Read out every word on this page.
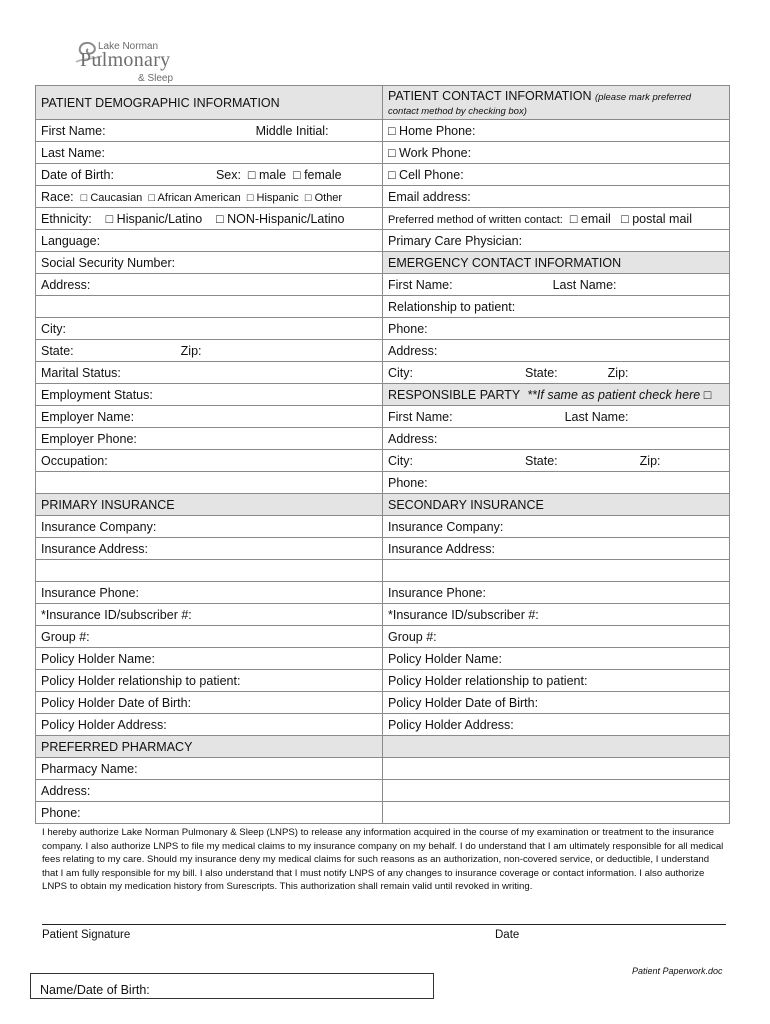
Lake Norman
Pulmonary
& Sleep
PATIENT DEMOGRAPHIC INFORMATION	PATIENT CONTACT INFORMATION (please mark preferred contact method by checking box)
First Name: Middle Initial:	□ Home Phone:
Last Name:	□ Work Phone:
Date of Birth: Sex: □ male □ female	□ Cell Phone:
Race: □ Caucasian □ African American □ Hispanic □ Other	Email address:
Ethnicity: □ Hispanic/Latino □ NON-Hispanic/Latino	Preferred method of written contact: □ email □ postal mail
Language:	Primary Care Physician:
Social Security Number:	EMERGENCY CONTACT INFORMATION
Address:	First Name: Last Name:
	Relationship to patient:
City:	Phone:
State: Zip:	Address:
Marital Status:	City: State: Zip:
Employment Status:	RESPONSIBLE PARTY **If same as patient check here □
Employer Name:	First Name: Last Name:
Employer Phone:	Address:
Occupation:	City: State: Zip:
	Phone:
PRIMARY INSURANCE	SECONDARY INSURANCE
Insurance Company:	Insurance Company:
Insurance Address:	Insurance Address:

Insurance Phone:	Insurance Phone:
*Insurance ID/subscriber #:	*Insurance ID/subscriber #:
Group #:	Group #:
Policy Holder Name:	Policy Holder Name:
Policy Holder relationship to patient:	Policy Holder relationship to patient:
Policy Holder Date of Birth:	Policy Holder Date of Birth:
Policy Holder Address:	Policy Holder Address:
PREFERRED PHARMACY	
Pharmacy Name:	
Address:	
Phone:	
I hereby authorize Lake Norman Pulmonary & Sleep (LNPS) to release any information acquired in the course of my examination or treatment to the insurance company. I also authorize LNPS to file my medical claims to my insurance company on my behalf. I do understand that I am ultimately responsible for all medical fees relating to my care. Should my insurance deny my medical claims for such reasons as an authorization, non-covered service, or deductible, I understand that I am fully responsible for my bill. I also understand that I must notify LNPS of any changes to insurance coverage or contact information. I also authorize LNPS to obtain my medication history from Surescripts. This authorization shall remain valid until revoked in writing.
Patient Signature	Date
Patient Paperwork.doc
Name/Date of Birth:
